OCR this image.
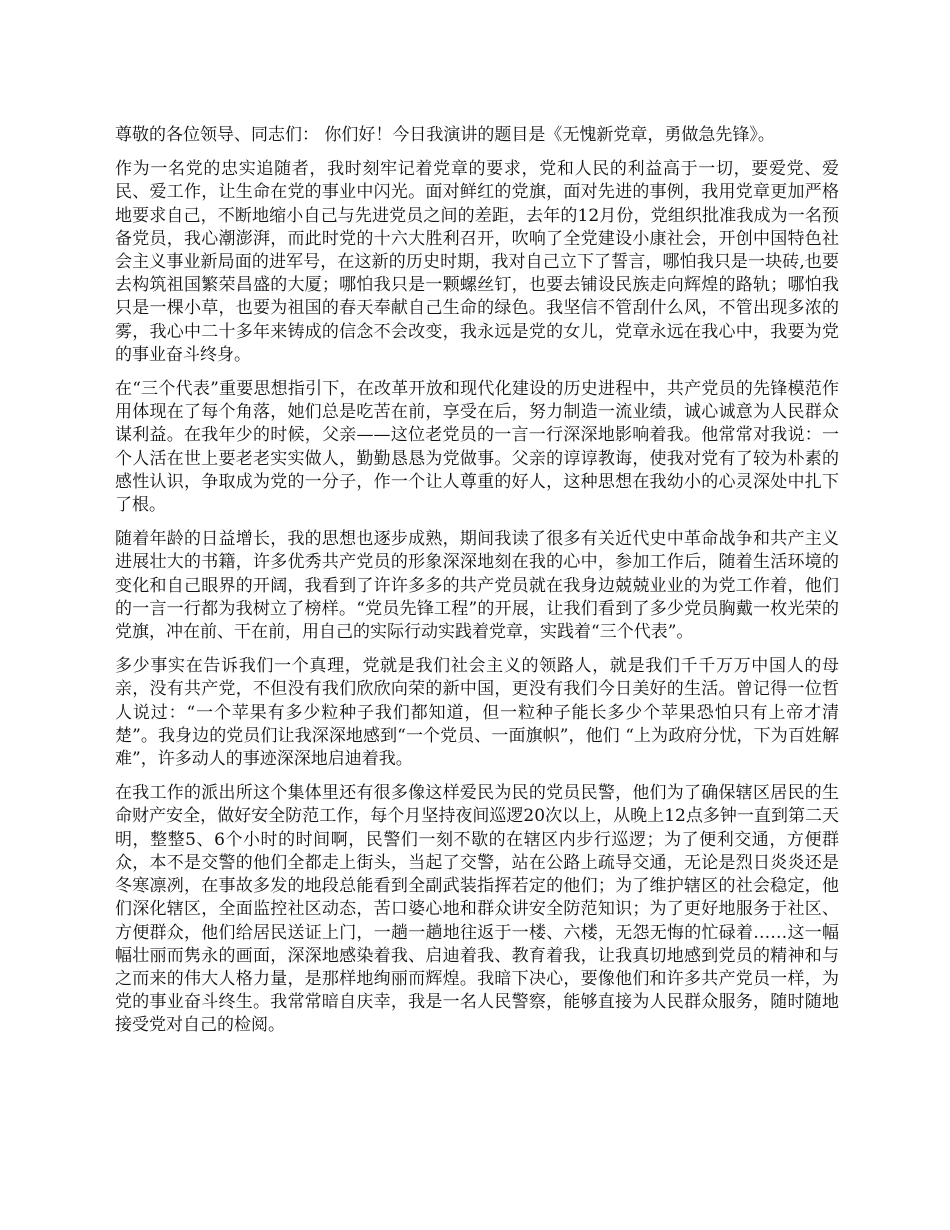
尊敬的各位领导、同志们： 你们好！今日我演讲的题目是《无愧新党章，勇做急先锋》。

作为一名党的忠实追随者，我时刻牢记着党章的要求，党和人民的利益高于一切，要爱党、爱民、爱工作，让生命在党的事业中闪光。面对鲜红的党旗，面对先进的事例，我用党章更加严格地要求自己，不断地缩小自己与先进党员之间的差距，去年的12月份，党组织批准我成为一名预备党员，我心潮澎湃，而此时党的十六大胜利召开，吹响了全党建设小康社会，开创中国特色社会主义事业新局面的进军号，在这新的历史时期，我对自己立下了誓言，哪怕我只是一块砖,也要去构筑祖国繁荣昌盛的大厦；哪怕我只是一颗螺丝钉，也要去铺设民族走向辉煌的路轨；哪怕我只是一棵小草，也要为祖国的春天奉献自己生命的绿色。我坚信不管刮什么风，不管出现多浓的雾，我心中二十多年来铸成的信念不会改变，我永远是党的女儿，党章永远在我心中，我要为党的事业奋斗终身。

在“三个代表”重要思想指引下，在改革开放和现代化建设的历史进程中，共产党员的先锋模范作用体现在了每个角落，她们总是吃苦在前，享受在后，努力制造一流业绩，诚心诚意为人民群众谋利益。在我年少的时候，父亲——这位老党员的一言一行深深地影响着我。他常常对我说：一个人活在世上要老老实实做人，勤勤恳恳为党做事。父亲的谆谆教诲，使我对党有了较为朴素的感性认识，争取成为党的一分子，作一个让人尊重的好人，这种思想在我幼小的心灵深处中扎下了根。

随着年龄的日益增长，我的思想也逐步成熟，期间我读了很多有关近代史中革命战争和共产主义进展壮大的书籍，许多优秀共产党员的形象深深地刻在我的心中，参加工作后，随着生活环境的变化和自己眼界的开阔，我看到了许许多多的共产党员就在我身边兢兢业业的为党工作着，他们的一言一行都为我树立了榜样。“党员先锋工程”的开展，让我们看到了多少党员胸戴一枚光荣的党旗，冲在前、干在前，用自己的实际行动实践着党章，实践着“三个代表”。

多少事实在告诉我们一个真理，党就是我们社会主义的领路人，就是我们千千万万中国人的母亲，没有共产党，不但没有我们欣欣向荣的新中国，更没有我们今日美好的生活。曾记得一位哲人说过：“一个苹果有多少粒种子我们都知道，但一粒种子能长多少个苹果恐怕只有上帝才清楚”。我身边的党员们让我深深地感到“一个党员、一面旗帜”，他们 “上为政府分忧，下为百姓解难”，许多动人的事迹深深地启迪着我。

在我工作的派出所这个集体里还有很多像这样爱民为民的党员民警，他们为了确保辖区居民的生命财产安全，做好安全防范工作，每个月坚持夜间巡逻20次以上，从晚上12点多钟一直到第二天明，整整5、6个小时的时间啊，民警们一刻不歇的在辖区内步行巡逻；为了便利交通，方便群众，本不是交警的他们全都走上街头，当起了交警，站在公路上疏导交通，无论是烈日炎炎还是冬寒凛冽，在事故多发的地段总能看到全副武装指挥若定的他们；为了维护辖区的社会稳定，他们深化辖区，全面监控社区动态，苦口婆心地和群众讲安全防范知识；为了更好地服务于社区、方便群众，他们给居民送证上门，一趟一趟地往返于一楼、六楼，无怨无悔的忙碌着……这一幅幅壮丽而隽永的画面，深深地感染着我、启迪着我、教育着我，让我真切地感到党员的精神和与之而来的伟大人格力量，是那样地绚丽而辉煌。我暗下决心，要像他们和许多共产党员一样，为党的事业奋斗终生。我常常暗自庆幸，我是一名人民警察，能够直接为人民群众服务，随时随地接受党对自己的检阅。
